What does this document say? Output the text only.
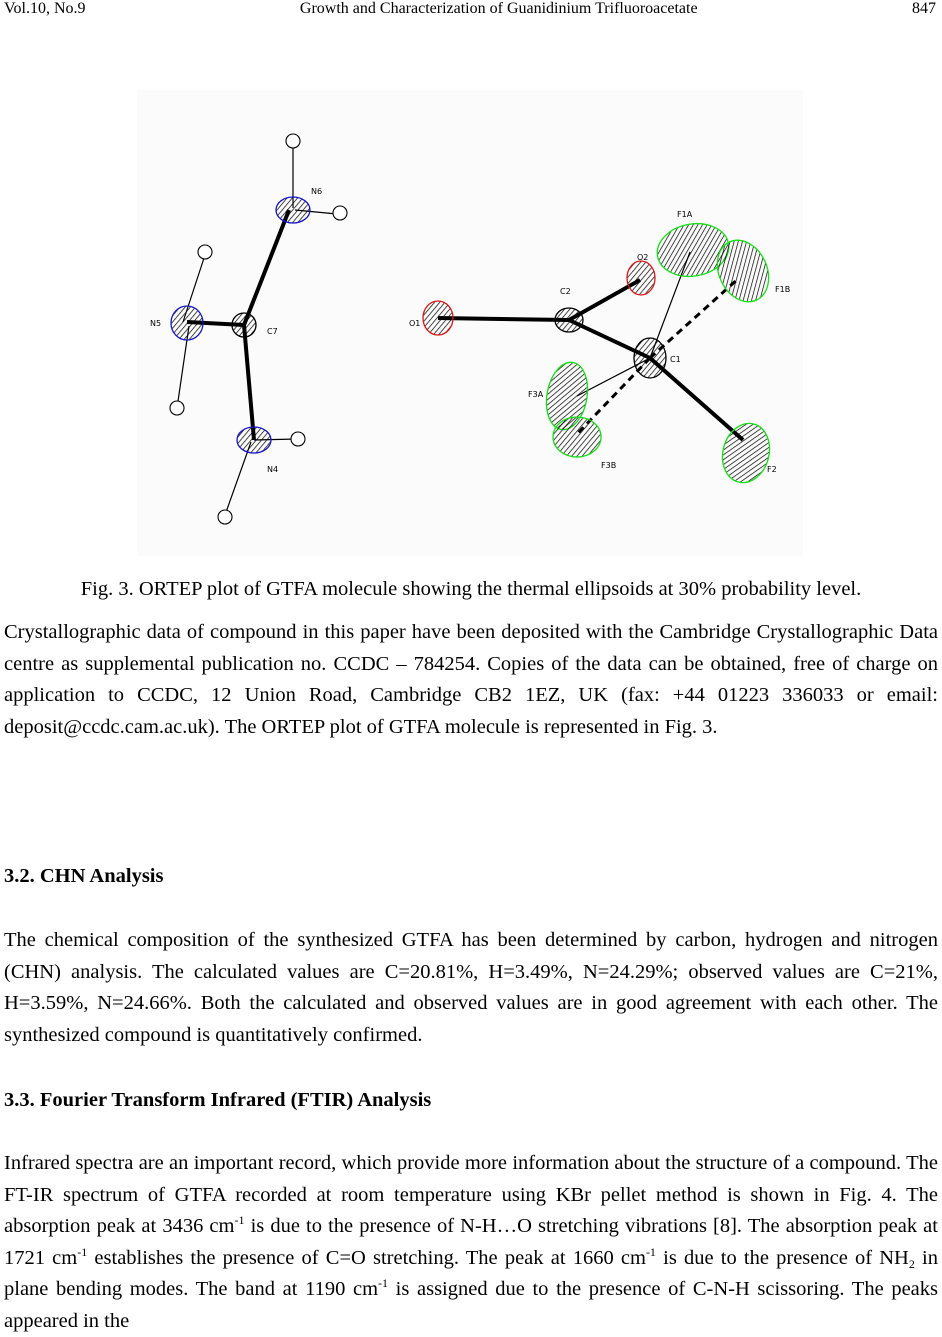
Vol.10, No.9	Growth and Characterization of Guanidinium Trifluoroacetate	847
N6
N5
C7
N4
O1
C2
O2
C1
F1A
F1B
F3A
F3B	F2
Fig. 3. ORTEP plot of GTFA molecule showing the thermal ellipsoids at 30% probability level.

Crystallographic data of compound in this paper have been deposited with the Cambridge Crystallographic Data centre as supplemental publication no. CCDC – 784254. Copies of the data can be obtained, free of charge on application to CCDC, 12 Union Road, Cambridge CB2 1EZ, UK (fax: +44 01223 336033 or email: deposit@ccdc.cam.ac.uk). The ORTEP plot of GTFA molecule is represented in Fig. 3.

3.2. CHN Analysis

The chemical composition of the synthesized GTFA has been determined by carbon, hydrogen and nitrogen (CHN) analysis. The calculated values are C=20.81%, H=3.49%, N=24.29%; observed values are C=21%, H=3.59%, N=24.66%. Both the calculated and observed values are in good agreement with each other. The synthesized compound is quantitatively confirmed.

3.3. Fourier Transform Infrared (FTIR) Analysis

Infrared spectra are an important record, which provide more information about the structure of a compound. The FT-IR spectrum of GTFA recorded at room temperature using KBr pellet method is shown in Fig. 4. The absorption peak at 3436 $cm^{-1}$ is due to the presence of N-H…O stretching vibrations [8]. The absorption peak at 1721 $cm^{-1}$ establishes the presence of C=O stretching. The peak at 1660 $cm^{-1}$ is due to the presence of $NH_2$ in plane bending modes. The band at 1190 $cm^{-1}$ is assigned due to the presence of C-N-H scissoring. The peaks appeared in the
